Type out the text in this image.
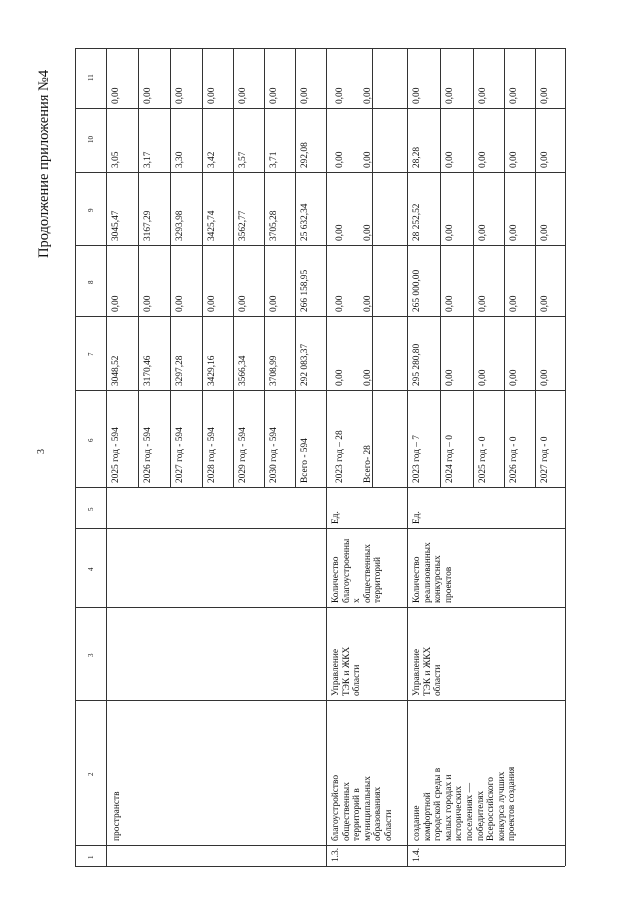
Продолжение приложения №4
3
1
2
3
4
5
6
7
8
9
10
11
пространств
2025 год - 594
3048,52
0,00
3045,47
3,05
0,00
2026 год - 594
3170,46
0,00
3167,29
3,17
0,00
2027 год - 594
3297,28
0,00
3293,98
3,30
0,00
2028 год - 594
3429,16
0,00
3425,74
3,42
0,00
2029 год - 594
3566,34
0,00
3562,77
3,57
0,00
2030 год - 594
3708,99
0,00
3705,28
3,71
0,00
Всего - 594
292 083,37
266 158,95
25 632,34
292,08
0,00
1.3.
благоустройство
общественных
территорий в
муниципальных
образованиях
области
Управление
ТЭК и ЖКХ
области
Количество
благоустроенны
х
общественных
территорий
Ед.
2023 год – 28
0,00
0,00
0,00
0,00
0,00
Всего- 28
0,00
0,00
0,00
0,00
0,00
1.4.
создание
комфортной
городской среды в
малых городах и
исторических
поселениях —
победителях
Всероссийского
конкурса лучших
проектов создания
Управление
ТЭК и ЖКХ
области
Количество
реализованных
конкурсных
проектов
Ед.
2023 год – 7
295 280,80
265 000,00
28 252,52
28,28
0,00
2024 год – 0
0,00
0,00
0,00
0,00
0,00
2025 год - 0
0,00
0,00
0,00
0,00
0,00
2026 год - 0
0,00
0,00
0,00
0,00
0,00
2027 год - 0
0,00
0,00
0,00
0,00
0,00
